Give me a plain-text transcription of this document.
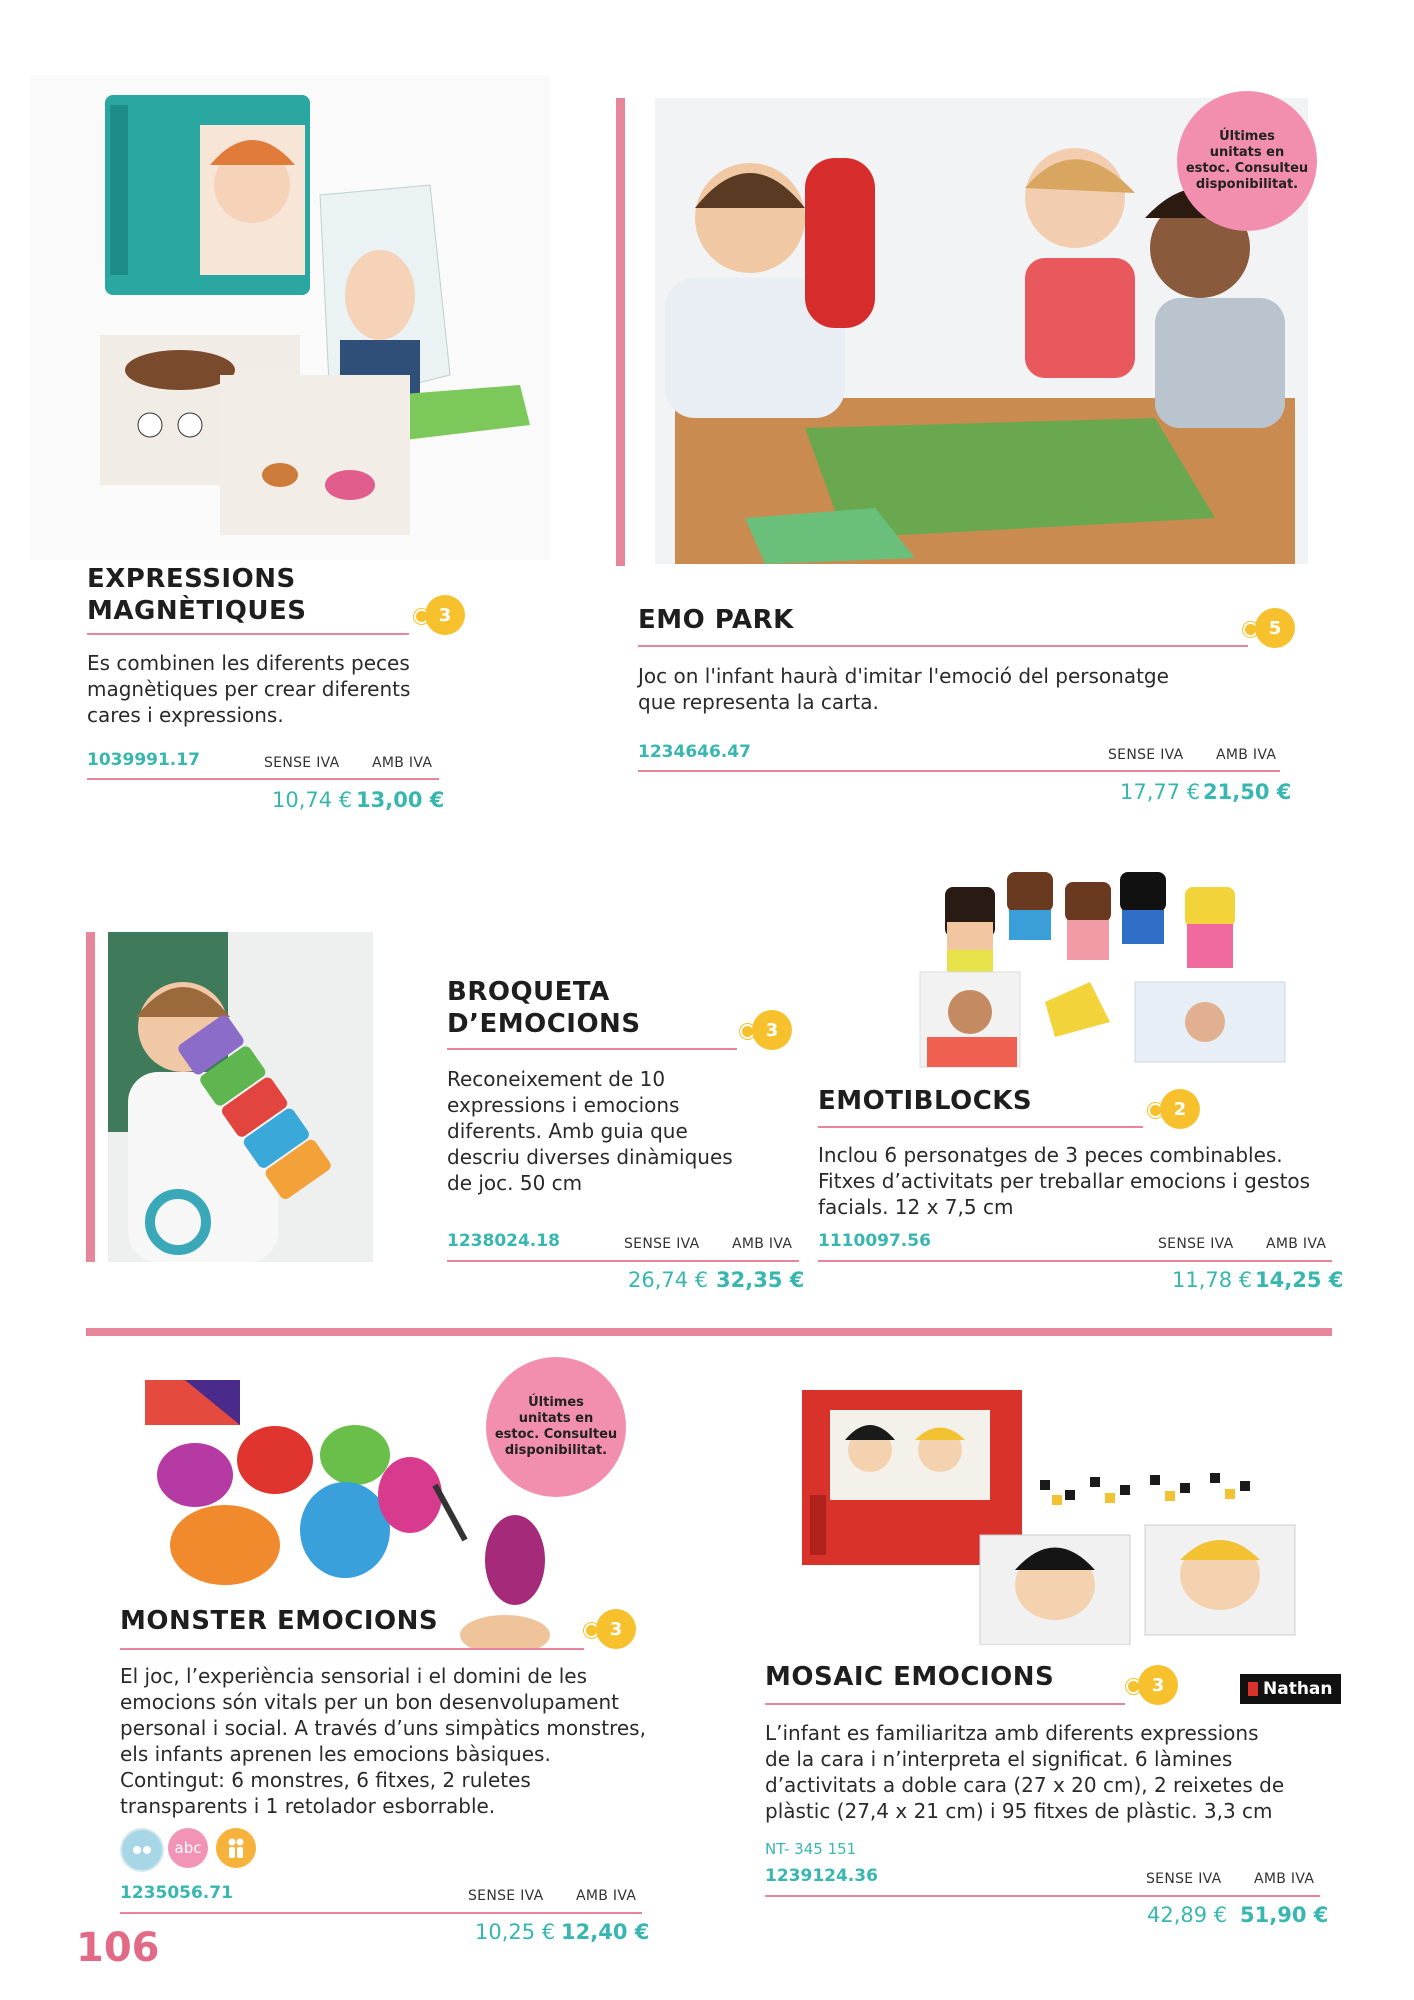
EXPRESSIONS
MAGNÈTIQUES	3
Es combinen les diferents peces
magnètiques per crear diferents
cares i expressions.
1039991.17	SENSE IVA AMB IVA
10,74 € 13,00 €
Últimes
unitats en
estoc. Consulteu
disponibilitat.
EMO PARK	5
Joc on l'infant haurà d'imitar l'emoció del personatge
que representa la carta.
1234646.47	SENSE IVA AMB IVA
17,77 € 21,50 €
BROQUETA
D’EMOCIONS	3
Reconeixement de 10
expressions i emocions
diferents. Amb guia que
descriu diverses dinàmiques
de joc. 50 cm
1238024.18	SENSE IVA AMB IVA
26,74 € 32,35 €
EMOTIBLOCKS	2
Inclou 6 personatges de 3 peces combinables.
Fitxes d’activitats per treballar emocions i gestos
facials. 12 x 7,5 cm
1110097.56	SENSE IVA AMB IVA
11,78 € 14,25 €
Últimes
unitats en
estoc. Consulteu
disponibilitat.
MONSTER EMOCIONS	3
El joc, l’experiència sensorial i el domini de les
emocions són vitals per un bon desenvolupament
personal i social. A través d’uns simpàtics monstres,
els infants aprenen les emocions bàsiques.
Contingut: 6 monstres, 6 fitxes, 2 ruletes
transparents i 1 retolador esborrable.
abc
1235056.71	SENSE IVA AMB IVA
10,25 € 12,40 €
MOSAIC EMOCIONS	3	Nathan
L’infant es familiaritza amb diferents expressions
de la cara i n’interpreta el significat. 6 làmines
d’activitats a doble cara (27 x 20 cm), 2 reixetes de
plàstic (27,4 x 21 cm) i 95 fitxes de plàstic. 3,3 cm
NT- 345 151
1239124.36	SENSE IVA AMB IVA
42,89 € 51,90 €
106
